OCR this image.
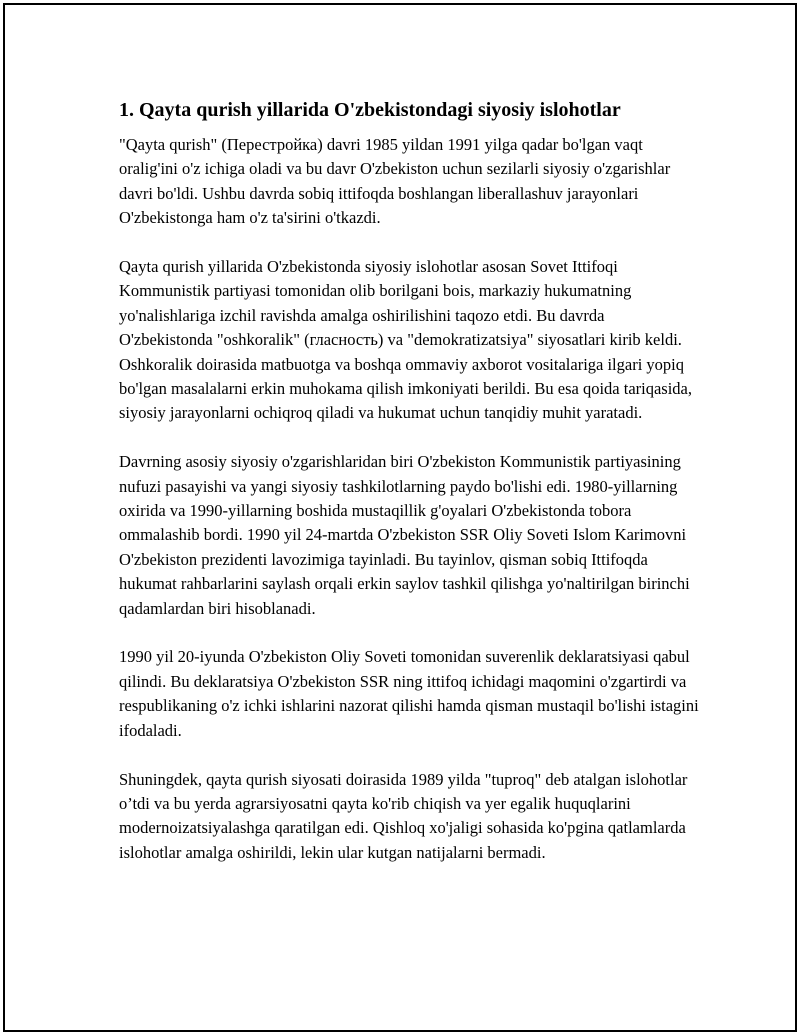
1. Qayta qurish yillarida O'zbekistondagi siyosiy islohotlar

"Qayta qurish" (Перестройка) davri 1985 yildan 1991 yilga qadar bo'lgan vaqt oralig'ini o'z ichiga oladi va bu davr O'zbekiston uchun sezilarli siyosiy o'zgarishlar davri bo'ldi. Ushbu davrda sobiq ittifoqda boshlangan liberallashuv jarayonlari O'zbekistonga ham o'z ta'sirini o'tkazdi.

Qayta qurish yillarida O'zbekistonda siyosiy islohotlar asosan Sovet Ittifoqi Kommunistik partiyasi tomonidan olib borilgani bois, markaziy hukumatning yo'nalishlariga izchil ravishda amalga oshirilishini taqozo etdi. Bu davrda O'zbekistonda "oshkoralik" (гласность) va "demokratizatsiya" siyosatlari kirib keldi. Oshkoralik doirasida matbuotga va boshqa ommaviy axborot vositalariga ilgari yopiq bo'lgan masalalarni erkin muhokama qilish imkoniyati berildi. Bu esa qoida tariqasida, siyosiy jarayonlarni ochiqroq qiladi va hukumat uchun tanqidiy muhit yaratadi.

Davrning asosiy siyosiy o'zgarishlaridan biri O'zbekiston Kommunistik partiyasining nufuzi pasayishi va yangi siyosiy tashkilotlarning paydo bo'lishi edi. 1980-yillarning oxirida va 1990-yillarning boshida mustaqillik g'oyalari O'zbekistonda tobora ommalashib bordi. 1990 yil 24-martda O'zbekiston SSR Oliy Soveti Islom Karimovni O'zbekiston prezidenti lavozimiga tayinladi. Bu tayinlov, qisman sobiq Ittifoqda hukumat rahbarlarini saylash orqali erkin saylov tashkil qilishga yo'naltirilgan birinchi qadamlardan biri hisoblanadi.

1990 yil 20-iyunda O'zbekiston Oliy Soveti tomonidan suverenlik deklaratsiyasi qabul qilindi. Bu deklaratsiya O'zbekiston SSR ning ittifoq ichidagi maqomini o'zgartirdi va respublikaning o'z ichki ishlarini nazorat qilishi hamda qisman mustaqil bo'lishi istagini ifodaladi.

Shuningdek, qayta qurish siyosati doirasida 1989 yilda "tuproq" deb atalgan islohotlar o’tdi va bu yerda agrarsiyosatni qayta ko'rib chiqish va yer egalik huquqlarini modernoizatsiyalashga qaratilgan edi. Qishloq xo'jaligi sohasida ko'pgina qatlamlarda islohotlar amalga oshirildi, lekin ular kutgan natijalarni bermadi.
